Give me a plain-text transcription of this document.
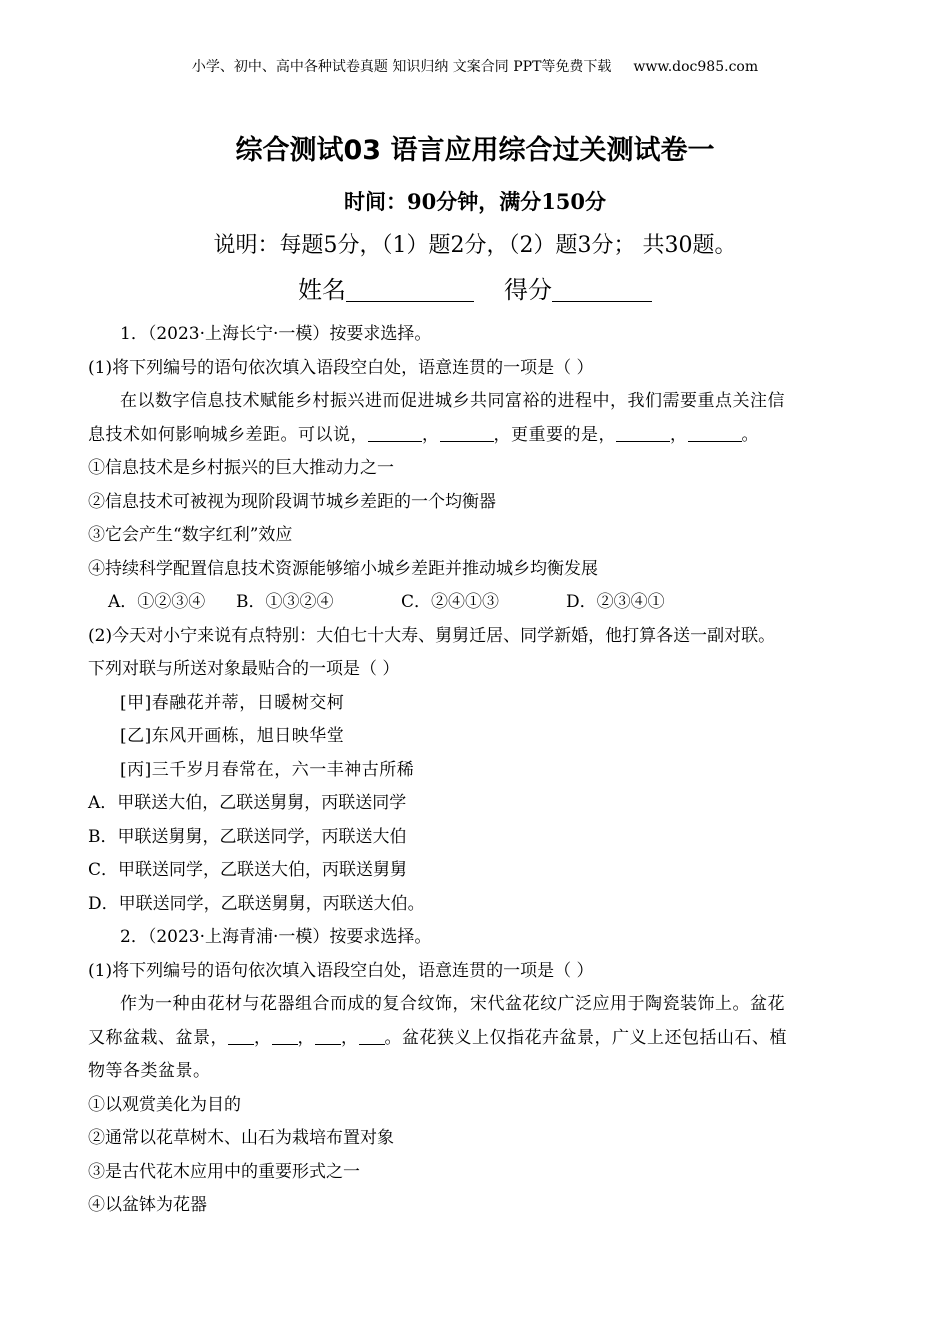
小学、初中、高中各种试卷真题 知识归纳 文案合同 PPT等免费下载 www.doc985.com
综合测试03 语言应用综合过关测试卷一
时间：90分钟，满分150分
说明：每题5分，（1）题2分，（2）题3分； 共30题。
姓名	得分
1．（2023·上海长宁·一模）按要求选择。
(1)将下列编号的语句依次填入语段空白处，语意连贯的一项是（ ）
在以数字信息技术赋能乡村振兴进而促进城乡共同富裕的进程中，我们需要重点关注信
息技术如何影响城乡差距。可以说，	，	，更重要的是，	，	。
①信息技术是乡村振兴的巨大推动力之一
②信息技术可被视为现阶段调节城乡差距的一个均衡器
③它会产生“数字红利”效应
④持续科学配置信息技术资源能够缩小城乡差距并推动城乡均衡发展
A．①②③④ B．①③②④	C．②④①③	D．②③④①
(2)今天对小宁来说有点特别：大伯七十大寿、舅舅迁居、同学新婚，他打算各送一副对联。
下列对联与所送对象最贴合的一项是（ ）
[甲]春融花并蒂，日暖树交柯
[乙]东风开画栋，旭日映华堂
[丙]三千岁月春常在，六一丰神古所稀
A．甲联送大伯，乙联送舅舅，丙联送同学
B．甲联送舅舅，乙联送同学，丙联送大伯
C．甲联送同学，乙联送大伯，丙联送舅舅
D．甲联送同学，乙联送舅舅，丙联送大伯。
2．（2023·上海青浦·一模）按要求选择。
(1)将下列编号的语句依次填入语段空白处，语意连贯的一项是（ ）
作为一种由花材与花器组合而成的复合纹饰，宋代盆花纹广泛应用于陶瓷装饰上。盆花
又称盆栽、盆景， ， ， ， 。盆花狭义上仅指花卉盆景，广义上还包括山石、植
物等各类盆景。
①以观赏美化为目的
②通常以花草树木、山石为栽培布置对象
③是古代花木应用中的重要形式之一
④以盆钵为花器
